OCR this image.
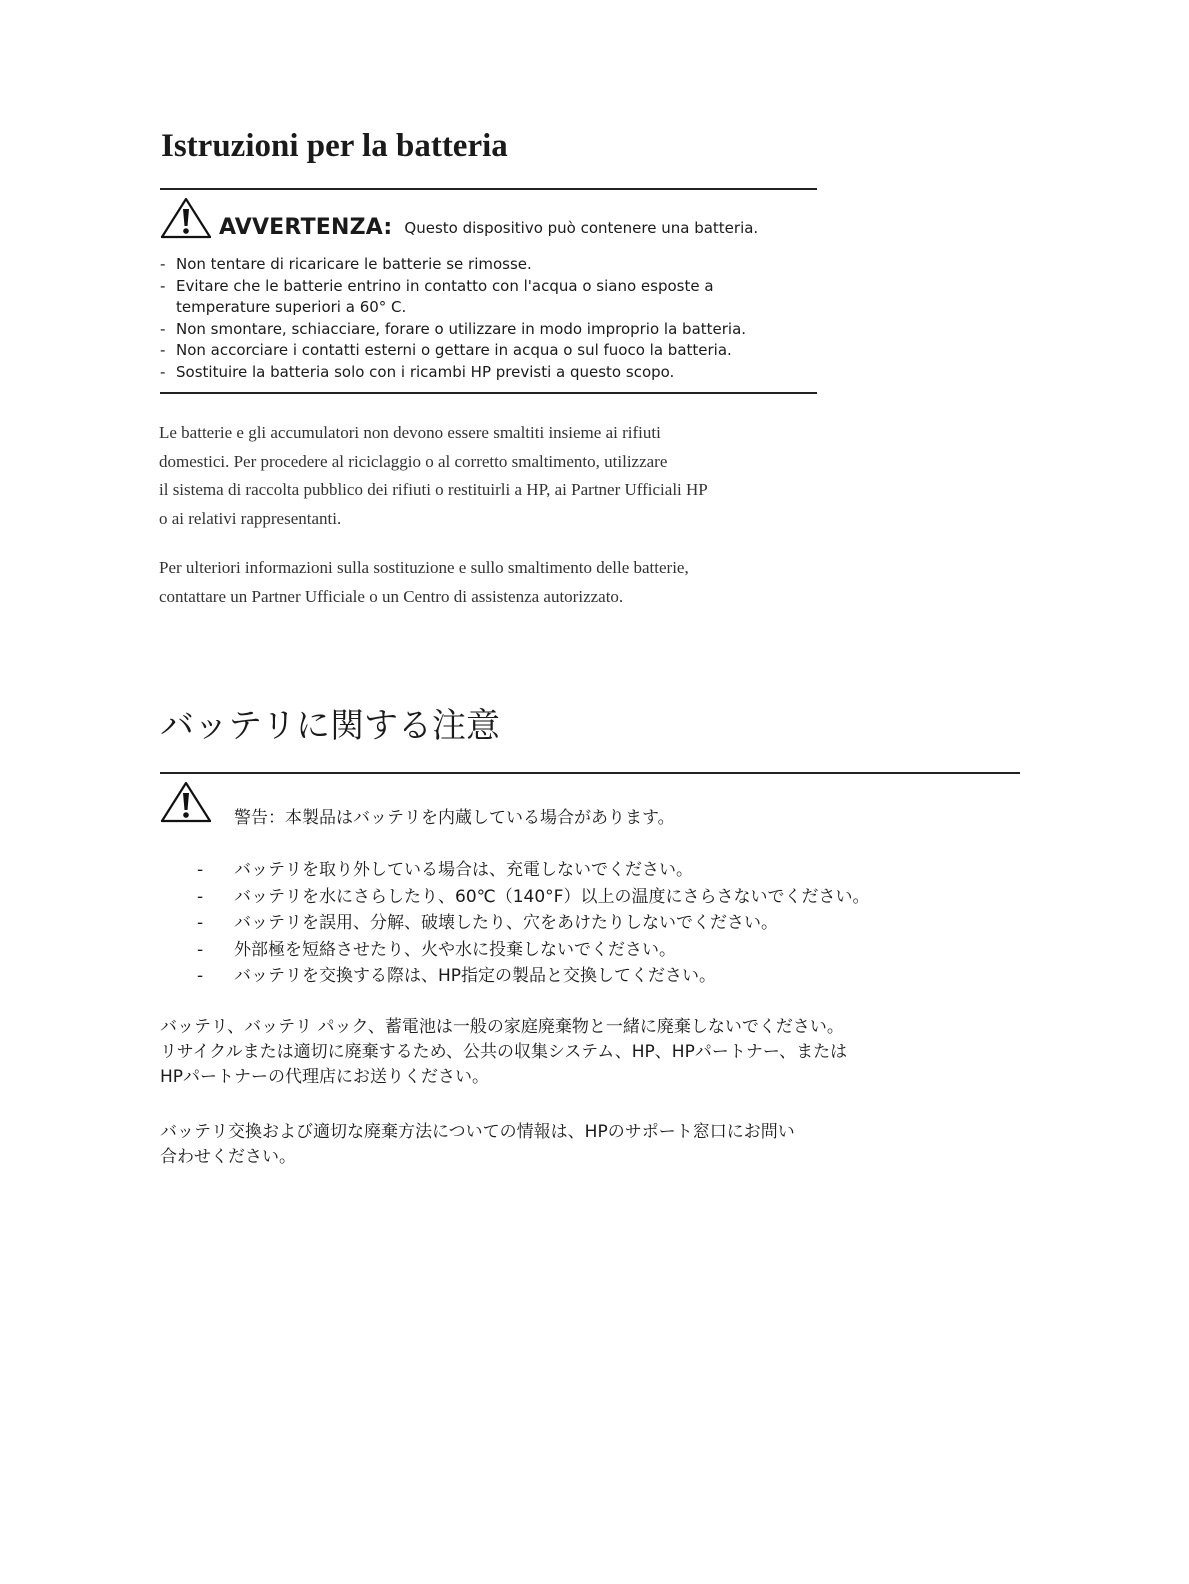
Istruzioni per la batteria
AVVERTENZA: Questo dispositivo può contenere una batteria.
- Non tentare di ricaricare le batterie se rimosse.
- Evitare che le batterie entrino in contatto con l'acqua o siano esposte a temperature superiori a 60° C.
- Non smontare, schiacciare, forare o utilizzare in modo improprio la batteria.
- Non accorciare i contatti esterni o gettare in acqua o sul fuoco la batteria.
- Sostituire la batteria solo con i ricambi HP previsti a questo scopo.

Le batterie e gli accumulatori non devono essere smaltiti insieme ai rifiuti
domestici. Per procedere al riciclaggio o al corretto smaltimento, utilizzare
il sistema di raccolta pubblico dei rifiuti o restituirli a HP, ai Partner Ufficiali HP
o ai relativi rappresentanti.

Per ulteriori informazioni sulla sostituzione e sullo smaltimento delle batterie,
contattare un Partner Ufficiale o un Centro di assistenza autorizzato.

バッテリに関する注意
警告：本製品はバッテリを内蔵している場合があります。
- バッテリを取り外している場合は、充電しないでください。
- バッテリを水にさらしたり、60℃（140°F）以上の温度にさらさないでください。
- バッテリを誤用、分解、破壊したり、穴をあけたりしないでください。
- 外部極を短絡させたり、火や水に投棄しないでください。
- バッテリを交換する際は、HP指定の製品と交換してください。

バッテリ、バッテリ パック、蓄電池は一般の家庭廃棄物と一緒に廃棄しないでください。
リサイクルまたは適切に廃棄するため、公共の収集システム、HP、HPパートナー、または
HPパートナーの代理店にお送りください。

バッテリ交換および適切な廃棄方法についての情報は、HPのサポート窓口にお問い
合わせください。
